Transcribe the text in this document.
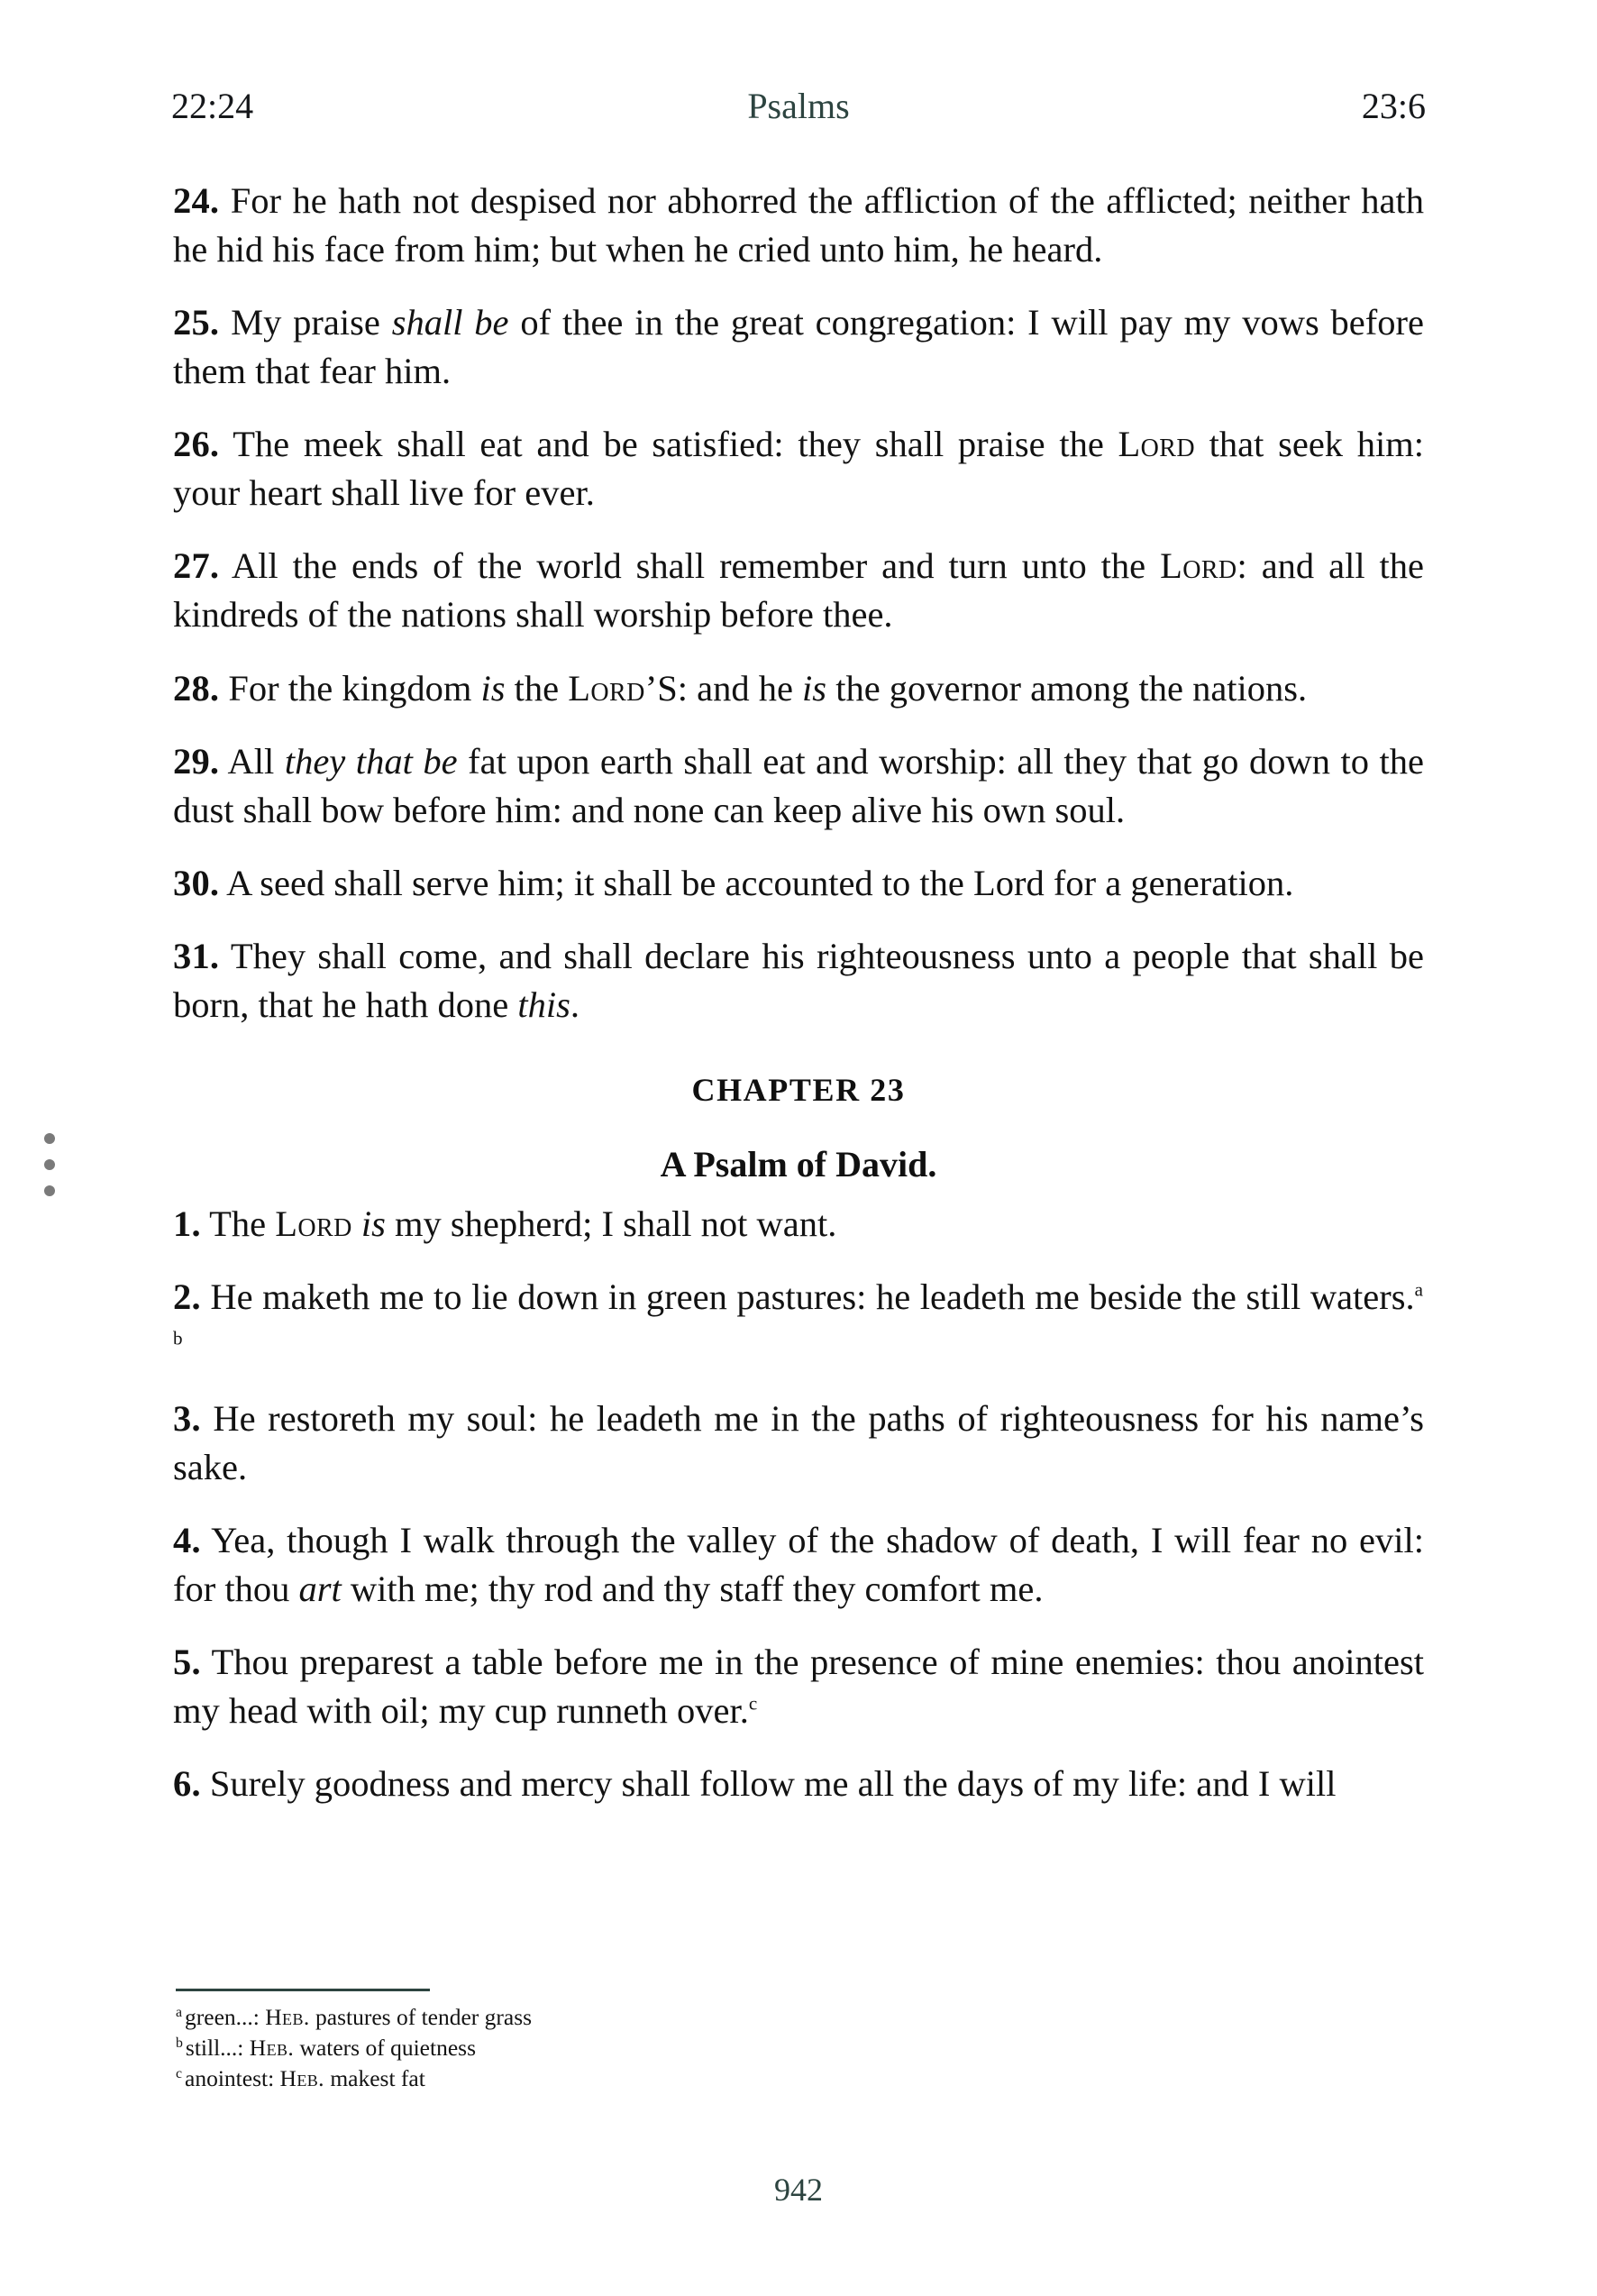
22:24	Psalms	23:6

24. For he hath not despised nor abhorred the affliction of the afflicted; neither hath he hid his face from him; but when he cried unto him, he heard.

25. My praise shall be of thee in the great congregation: I will pay my vows before them that fear him.

26. The meek shall eat and be satisfied: they shall praise the Lord that seek him: your heart shall live for ever.

27. All the ends of the world shall remember and turn unto the Lord: and all the kindreds of the nations shall worship before thee.

28. For the kingdom is the Lord’S: and he is the governor among the nations.

29. All they that be fat upon earth shall eat and worship: all they that go down to the dust shall bow before him: and none can keep alive his own soul.

30. A seed shall serve him; it shall be accounted to the Lord for a generation.

31. They shall come, and shall declare his righteousness unto a people that shall be born, that he hath done this.

CHAPTER 23
A Psalm of David.

1. The Lord is my shepherd; I shall not want.

2. He maketh me to lie down in green pastures: he leadeth me beside the still waters.$^{a b}$

3. He restoreth my soul: he leadeth me in the paths of righteousness for his name’s sake.

4. Yea, though I walk through the valley of the shadow of death, I will fear no evil: for thou art with me; thy rod and thy staff they comfort me.

5. Thou preparest a table before me in the presence of mine enemies: thou anointest my head with oil; my cup runneth over.$^c$

6. Surely goodness and mercy shall follow me all the days of my life: and I will

$^a$ green...: Heb. pastures of tender grass
$^b$ still...: Heb. waters of quietness
$^c$ anointest: Heb. makest fat
942
